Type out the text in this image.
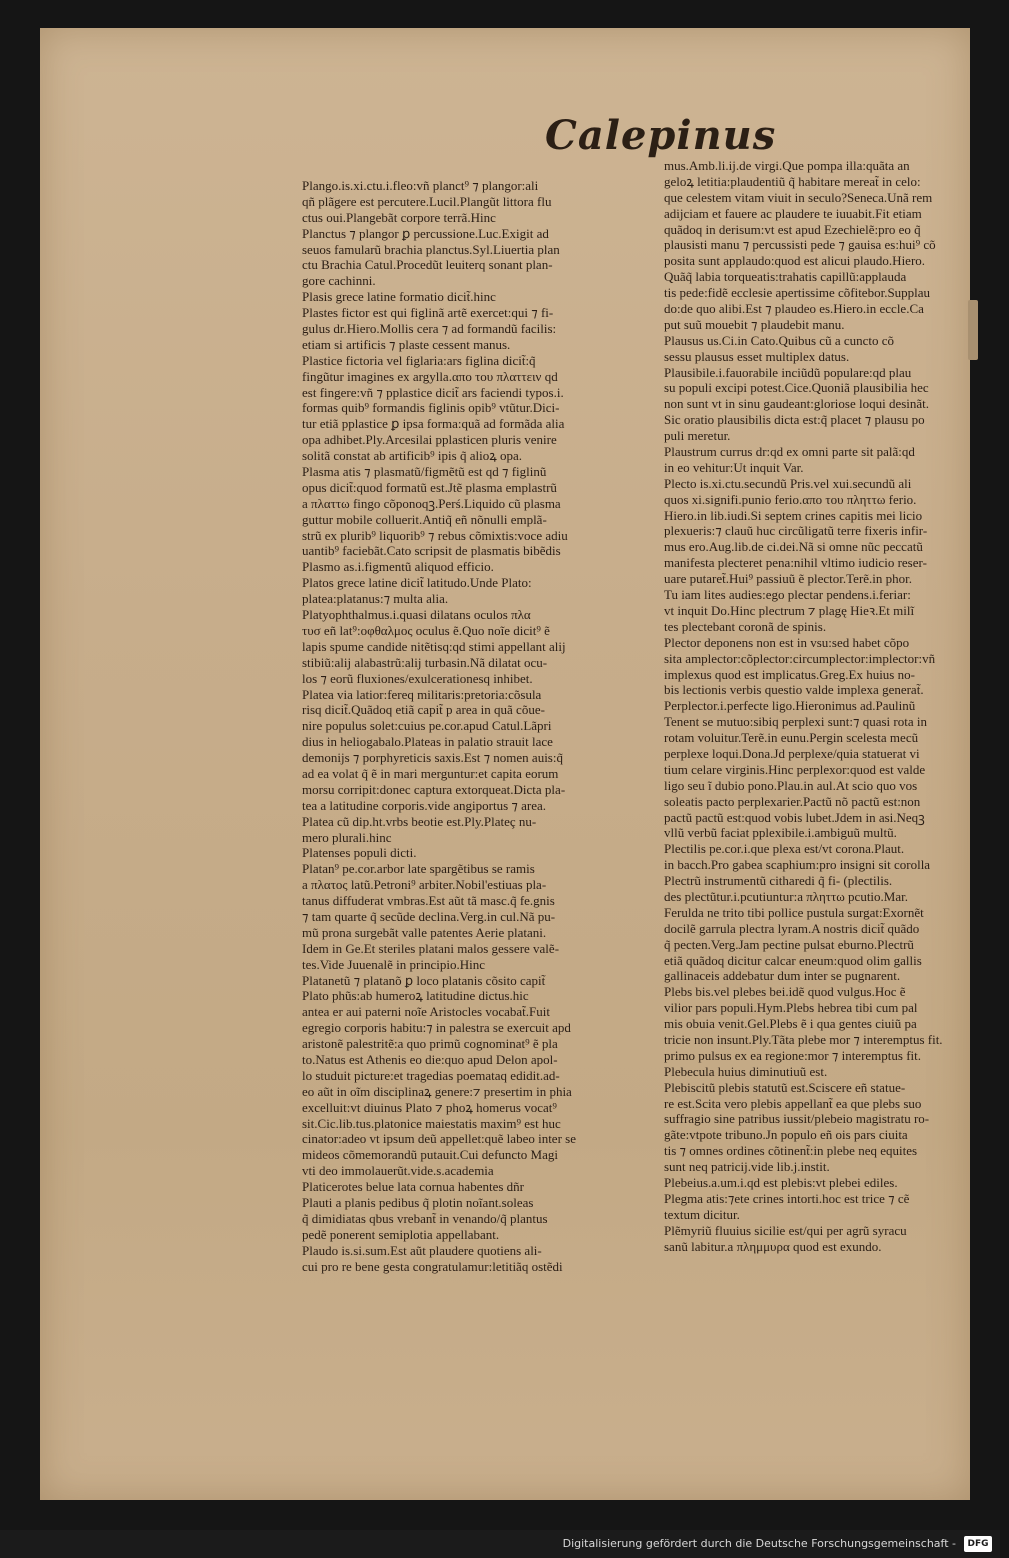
Calepinus
Plango.is.xi.ctu.i.fleo:vñ planct⁹ ⁊ plangor:ali
qñ plãgere est percutere.Lucil.Plangũt littora flu
ctus oui.Plangebãt corpore terrã.Hinc
Planctus ⁊ plangor ꝑ percussione.Luc.Exigit ad
seuos famularũ brachia planctus.Syl.Liuertia plan
ctu Brachia Catul.Procedũt leuiterq sonant plan-
gore cachinni.
Plasis grece latine formatio dicit̃.hinc
Plastes fictor est qui figlinã artẽ exercet:qui ⁊ fi-
gulus dr.Hiero.Mollis cera ⁊ ad formandũ facilis:
etiam si artificis ⁊ plaste cessent manus.
Plastice fictoria vel figlaria:ars figlina dicit̃:q̃
fingũtur imagines ex argylla.απο του πλαττειν qd
est fingere:vñ ⁊ pplastice dicit̃ ars faciendi typos.i.
formas quib⁹ formandis figlinis opib⁹ vtũtur.Dici-
tur etiã pplastice ꝑ ipsa forma:quã ad formãda alia
opa adhibet.Ply.Arcesilai pplasticen pluris venire
solitã constat ab artificib⁹ ipis q̃ alioꝝ opa.
Plasma atis ⁊ plasmatũ/figmẽtũ est qd ⁊ figlinũ
opus dicit̃:quod formatũ est.Jtẽ plasma emplastrũ
a πλαττω fingo cõponoqꝫ.Perś.Liquido cũ plasma
guttur mobile colluerit.Antiq̃ eñ nõnulli emplã-
strũ ex plurib⁹ liquorib⁹ ⁊ rebus cõmixtis:voce adiu
uantib⁹ faciebãt.Cato scripsit de plasmatis bibẽdis
Plasmo as.i.figmentũ aliquod efficio.
Platos grece latine dicit̃ latitudo.Unde Plato:
platea:platanus:⁊ multa alia.
Platyophthalmus.i.quasi dilatans oculos πλα
τυσ eñ lat⁹:οφθαλμος oculus ẽ.Quo noĩe dicit⁹ ẽ
lapis spume candide nitẽtisq:qd stimi appellant alij
stibiũ:alij alabastrũ:alij turbasin.Nã dilatat ocu-
los ⁊ eorũ fluxiones/exulcerationesq inhibet.
Platea via latior:fereq militaris:pretoria:cõsula
risq dicit̃.Quãdoq etiã capit̃ p area in quã cõue-
nire populus solet:cuius pe.cor.apud Catul.Lãpri
dius in heliogabalo.Plateas in palatio strauit lace
demonijs ⁊ porphyreticis saxis.Est ⁊ nomen auis:q̃
ad ea volat q̃ ẽ in mari merguntur:et capita eorum
morsu corripit:donec captura extorqueat.Dicta pla-
tea a latitudine corporis.vide angiportus ⁊ area.
Platea cũ dip.ht.vrbs beotie est.Ply.Plateç nu-
mero plurali.hinc
Platenses populi dicti.
Platan⁹ pe.cor.arbor late spargẽtibus se ramis
a πλατος latũ.Petroni⁹ arbiter.Nobil'estiuas pla-
tanus diffuderat vmbras.Est aũt tã masc.q̃ fe.gnis
⁊ tam quarte q̃ secũde declina.Verg.in cul.Nã pu-
mũ prona surgebãt valle patentes Aerie platani.
Idem in Ge.Et steriles platani malos gessere valẽ-
tes.Vide Juuenalẽ in principio.Hinc
Platanetũ ⁊ platanõ ꝑ loco platanis cõsito capit̃
Plato phũs:ab humeroꝝ latitudine dictus.hic
antea er aui paterni noĩe Aristocles vocabat̃.Fuit
egregio corporis habitu:⁊ in palestra se exercuit apd
aristonẽ palestritẽ:a quo primũ cognominat⁹ ẽ pla
to.Natus est Athenis eo die:quo apud Delon apol-
lo studuit picture:et tragedias poemataq edidit.ad-
eo aũt in oĩm disciplinaꝝ genere:⁊ presertim in phia
excelluit:vt diuinus Plato ⁊ phoꝝ homerus vocat⁹
sit.Cic.lib.tus.platonice maiestatis maxim⁹ est huc
cinator:adeo vt ipsum deũ appellet:quẽ labeo inter se
mideos cõmemorandũ putauit.Cui defuncto Magi
vti deo immolauerũt.vide.s.academia
Platicerotes belue lata cornua habentes dñr
Plauti a planis pedibus q̃ plotin noĩant.soleas
q̃ dimidiatas qbus vrebant̃ in venando/q̃ plantus
pedẽ ponerent semiplotia appellabant.
Plaudo is.si.sum.Est aũt plaudere quotiens ali-
cui pro re bene gesta congratulamur:letitiãq ostẽdi
mus.Amb.li.ij.de virgi.Que pompa illa:quãta an
geloꝝ letitia:plaudentiũ q̃ habitare mereat̃ in celo:
que celestem vitam viuit in seculo?Seneca.Unã rem
adijciam et fauere ac plaudere te iuuabit.Fit etiam
quãdoq in derisum:vt est apud Ezechielẽ:pro eo q̃
plausisti manu ⁊ percussisti pede ⁊ gauisa es:hui⁹ cõ
posita sunt applaudo:quod est alicui plaudo.Hiero.
Quãq̃ labia torqueatis:trahatis capillũ:applauda
tis pede:fidẽ ecclesie apertissime cõfitebor.Supplau
do:de quo alibi.Est ⁊ plaudeo es.Hiero.in eccle.Ca
put suũ mouebit ⁊ plaudebit manu.
Plausus us.Ci.in Cato.Quibus cũ a cuncto cõ
sessu plausus esset multiplex datus.
Plausibile.i.fauorabile inciũdũ populare:qd plau
su populi excipi potest.Cice.Quoniã plausibilia hec
non sunt vt in sinu gaudeant:gloriose loqui desinãt.
Sic oratio plausibilis dicta est:q̃ placet ⁊ plausu po
puli meretur.
Plaustrum currus dr:qd ex omni parte sit palã:qd
in eo vehitur:Ut inquit Var.
Plecto is.xi.ctu.secundũ Pris.vel xui.secundũ ali
quos xi.signifi.punio ferio.απο του πληττω ferio.
Hiero.in lib.iudi.Si septem crines capitis mei licio
plexueris:⁊ clauũ huc circũligatũ terre fixeris infir-
mus ero.Aug.lib.de ci.dei.Nã si omne nũc peccatũ
manifesta plecteret pena:nihil vltimo iudicio reser-
uare putaret̃.Hui⁹ passiuũ ẽ plector.Terẽ.in phor.
Tu iam lites audies:ego plectar pendens.i.feriar:
vt inquit Do.Hinc plectrum ⁊ plagę Hieꝛ.Et milĩ
tes plectebant coronã de spinis.
Plector deponens non est in vsu:sed habet cõpo
sita amplector:cõplector:circumplector:implector:vñ
implexus quod est implicatus.Greg.Ex huius no-
bis lectionis verbis questio valde implexa generat̃.
Perplector.i.perfecte ligo.Hieronimus ad.Paulinũ
Tenent se mutuo:sibiq perplexi sunt:⁊ quasi rota in
rotam voluitur.Terẽ.in eunu.Pergin scelesta mecũ
perplexe loqui.Dona.Jd perplexe/quia statuerat vi
tium celare virginis.Hinc perplexor:quod est valde
ligo seu ĩ dubio pono.Plau.in aul.At scio quo vos
soleatis pacto perplexarier.Pactũ nõ pactũ est:non
pactũ pactũ est:quod vobis lubet.Jdem in asi.Neqꝫ
vllũ verbũ faciat pplexibile.i.ambiguũ multũ.
Plectilis pe.cor.i.que plexa est/vt corona.Plaut.
in bacch.Pro gabea scaphium:pro insigni sit corolla
Plectrũ instrumentũ citharedi q̃ fi- (plectilis.
des plectũtur.i.pcutiuntur:a πληττω pcutio.Mar.
Ferulda ne trito tibi pollice pustula surgat:Exornẽt
docilẽ garrula plectra lyram.A nostris dicit̃ quãdo
q̃ pecten.Verg.Jam pectine pulsat eburno.Plectrũ
etiã quãdoq dicitur calcar eneum:quod olim gallis
gallinaceis addebatur dum inter se pugnarent.
Plebs bis.vel plebes bei.idẽ quod vulgus.Hoc ẽ
vilior pars populi.Hym.Plebs hebrea tibi cum pal
mis obuia venit.Gel.Plebs ẽ i qua gentes ciuiũ pa
tricie non insunt.Ply.Tãta plebe mor ⁊ interemptus fit.
primo pulsus ex ea regione:mor ⁊ interemptus fit.
Plebecula huius diminutiuũ est.
Plebiscitũ plebis statutũ est.Sciscere eñ statue-
re est.Scita vero plebis appellant̃ ea que plebs suo
suffragio sine patribus iussit/plebeio magistratu ro-
gãte:vtpote tribuno.Jn populo eñ ois pars ciuita
tis ⁊ omnes ordines cõtinent̃:in plebe neq equites
sunt neq patricij.vide lib.j.instit.
Plebeius.a.um.i.qd est plebis:vt plebei ediles.
Plegma atis:⁊ete crines intorti.hoc est trice ⁊ cẽ
textum dicitur.
Plẽmyriũ fluuius sicilie est/qui per agrũ syracu
sanũ labitur.a πλημμυρα quod est exundo.
Digitalisierung gefördert durch die Deutsche Forschungsgemeinschaft -	DFG
